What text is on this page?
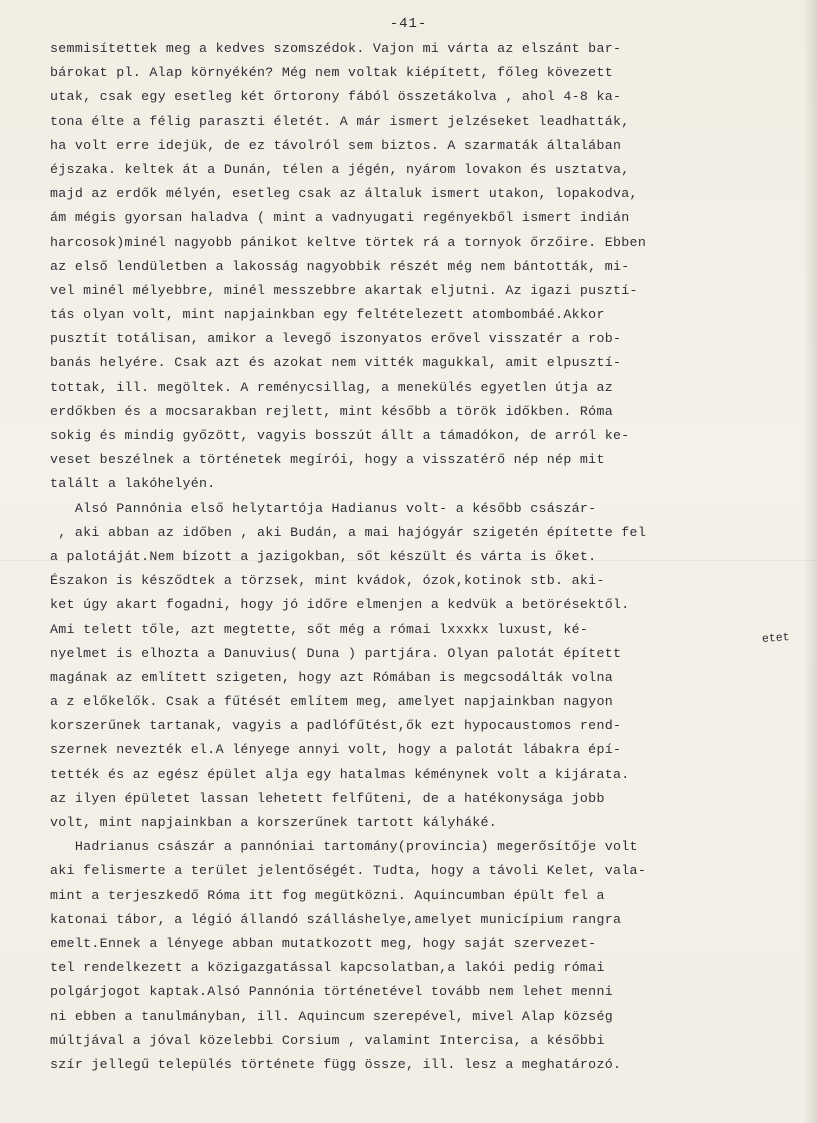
-41-
semmisítettek meg a kedves szomszédok. Vajon mi várta az elszánt bar-
bárokat pl. Alap környékén? Még nem voltak kiépített, főleg kövezett
utak, csak egy esetleg két őrtorony fából összetákolva , ahol 4-8 ka-
tona élte a félig paraszti életét. A már ismert jelzéseket leadhatták,
ha volt erre idejük, de ez távolról sem biztos. A szarmaták általában
éjszaka. keltek át a Dunán, télen a jégén, nyárom lovakon és usztatva,
majd az erdők mélyén, esetleg csak az általuk ismert utakon, lopakodva,
ám mégis gyorsan haladva ( mint a vadnyugati regényekből ismert indián
harcosok)minél nagyobb pánikot keltve törtek rá a tornyok őrzőire. Ebben
az első lendületben a lakosság nagyobbik részét még nem bántották, mi-
vel minél mélyebbre, minél messzebbre akartak eljutni. Az igazi pusztí-
tás olyan volt, mint napjainkban egy feltételezett atombombáé.Akkor
pusztít totálisan, amikor a levegő iszonyatos erővel visszatér a rob-
banás helyére. Csak azt és azokat nem vitték magukkal, amit elpusztí-
tottak, ill. megöltek. A reménycsillag, a menekülés egyetlen útja az
erdőkben és a mocsarakban rejlett, mint később a török időkben. Róma
sokig és mindig győzött, vagyis bosszút állt a támadókon, de arról ke-
veset beszélnek a történetek megírói, hogy a visszatérő nép nép mit
talált a lakóhelyén.
Alsó Pannónia első helytartója Hadianus volt- a később császár-
, aki abban az időben , aki Budán, a mai hajógyár szigetén építette fel
a palotáját.Nem bízott a jazigokban, sőt készült és várta is őket.
Északon is késződtek a törzsek, mint kvádok, ózok,kotinok stb. aki-
ket úgy akart fogadni, hogy jó időre elmenjen a kedvük a betörésektől.
Ami telett tőle, azt megtette, sőt még a római lxxxkx luxust, ké-
nyelmet is elhozta a Danuvius( Duna ) partjára. Olyan palotát épített
magának az említett szigeten, hogy azt Rómában is megcsodálták volna
a z előkelők. Csak a fűtését említem meg, amelyet napjainkban nagyon
korszerűnek tartanak, vagyis a padlófűtést,ők ezt hypocaustomos rend-
szernek nevezték el.A lényege annyi volt, hogy a palotát lábakra épí-
tették és az egész épület alja egy hatalmas kéménynek volt a kijárata.
az ilyen épületet lassan lehetett felfűteni, de a hatékonysága jobb
volt, mint napjainkban a korszerűnek tartott kályháké.
Hadrianus császár a pannóniai tartomány(provincia) megerősítője volt
aki felismerte a terület jelentőségét. Tudta, hogy a távoli Kelet, vala-
mint a terjeszkedő Róma itt fog megütközni. Aquincumban épült fel a
katonai tábor, a légió állandó szálláshelye,amelyet municípium rangra
emelt.Ennek a lényege abban mutatkozott meg, hogy saját szervezet-
tel rendelkezett a közigazgatással kapcsolatban,a lakói pedig római
polgárjogot kaptak.Alsó Pannónia történetével tovább nem lehet menni
ni ebben a tanulmányban, ill. Aquincum szerepével, mivel Alap község
múltjával a jóval közelebbi Corsium , valamint Intercisa, a későbbi
szír jellegű település története függ össze, ill. lesz a meghatározó.
etet
